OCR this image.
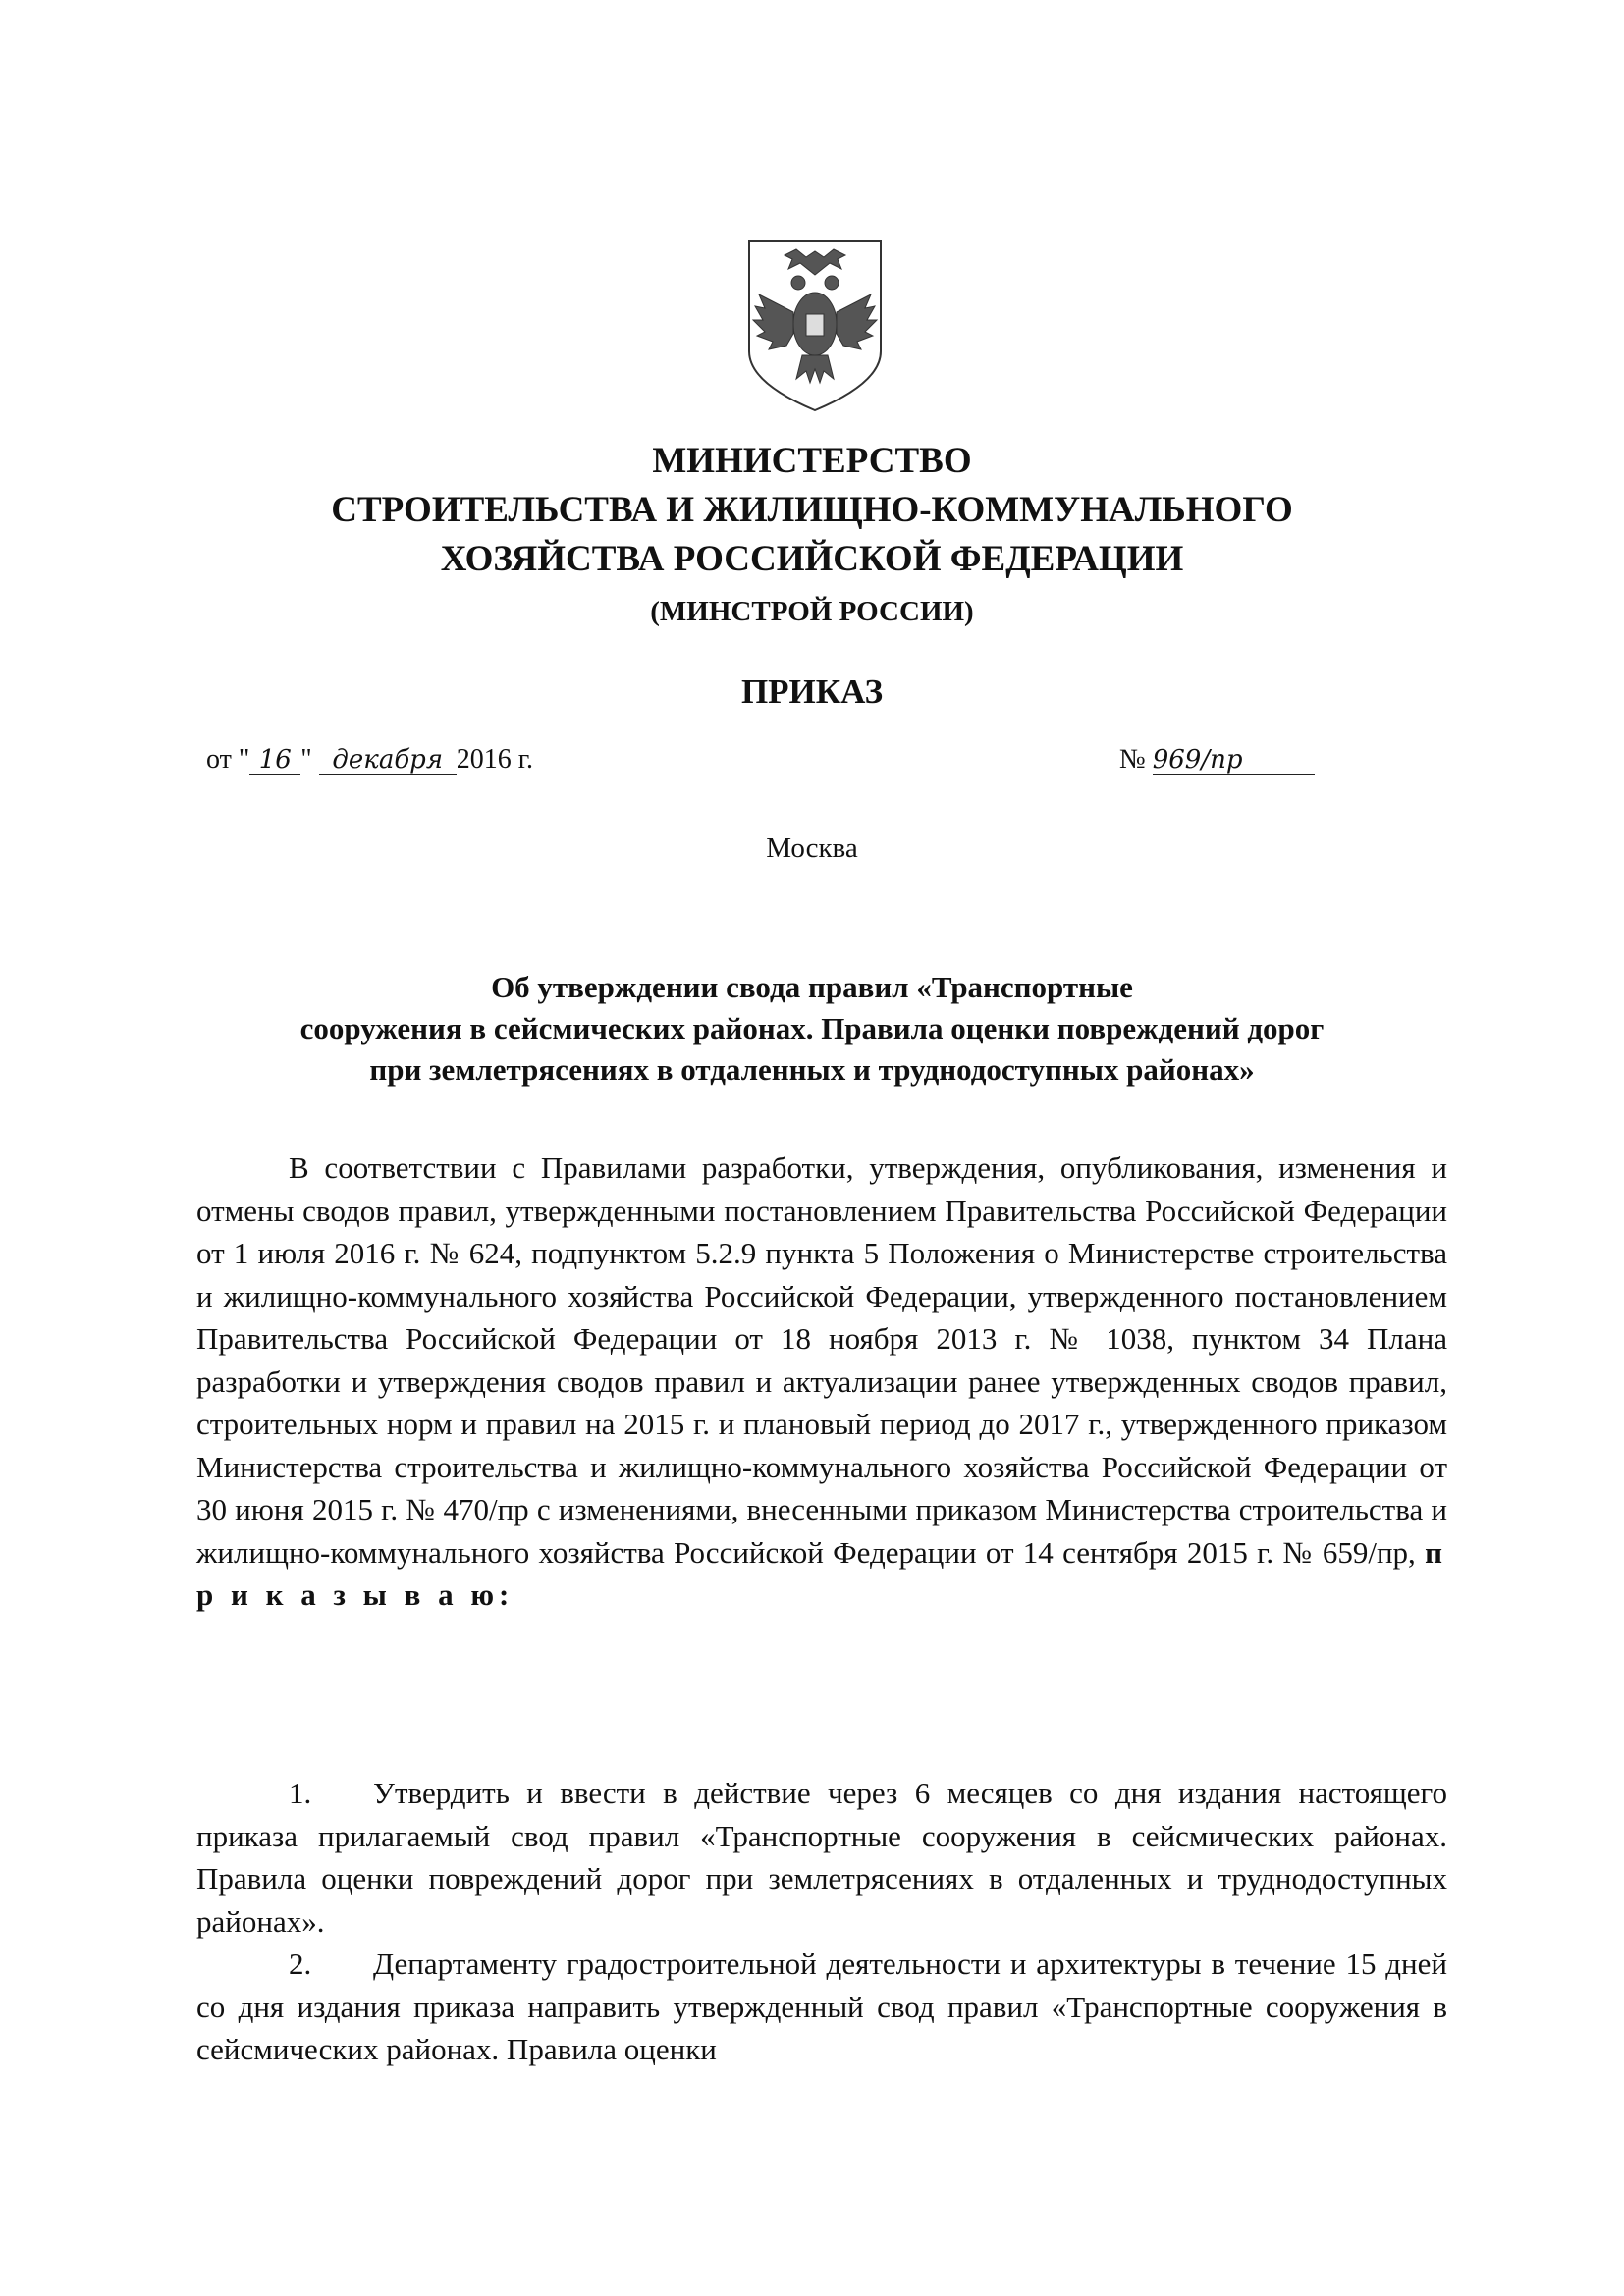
МИНИСТЕРСТВО
СТРОИТЕЛЬСТВА И ЖИЛИЩНО-КОММУНАЛЬНОГО
ХОЗЯЙСТВА РОССИЙСКОЙ ФЕДЕРАЦИИ
(МИНСТРОЙ РОССИИ)
ПРИКАЗ
от " 16 " декабря 2016 г.	№ 969/пр
Москва
Об утверждении свода правил «Транспортные
сооружения в сейсмических районах. Правила оценки повреждений дорог
при землетрясениях в отдаленных и труднодоступных районах»

В соответствии с Правилами разработки, утверждения, опубликования, изменения и отмены сводов правил, утвержденными постановлением Правительства Российской Федерации от 1 июля 2016 г. № 624, подпунктом 5.2.9 пункта 5 Положения о Министерстве строительства и жилищно-коммунального хозяйства Российской Федерации, утвержденного постановлением Правительства Российской Федерации от 18 ноября 2013 г. № 1038, пунктом 34 Плана разработки и утверждения сводов правил и актуализации ранее утвержденных сводов правил, строительных норм и правил на 2015 г. и плановый период до 2017 г., утвержденного приказом Министерства строительства и жилищно-коммунального хозяйства Российской Федерации от 30 июня 2015 г. № 470/пр с изменениями, внесенными приказом Министерства строительства и жилищно-коммунального хозяйства Российской Федерации от 14 сентября 2015 г. № 659/пр, п р и к а з ы в а ю:

1. Утвердить и ввести в действие через 6 месяцев со дня издания настоящего приказа прилагаемый свод правил «Транспортные сооружения в сейсмических районах. Правила оценки повреждений дорог при землетрясениях в отдаленных и труднодоступных районах».

2. Департаменту градостроительной деятельности и архитектуры в течение 15 дней со дня издания приказа направить утвержденный свод правил «Транспортные сооружения в сейсмических районах. Правила оценки
